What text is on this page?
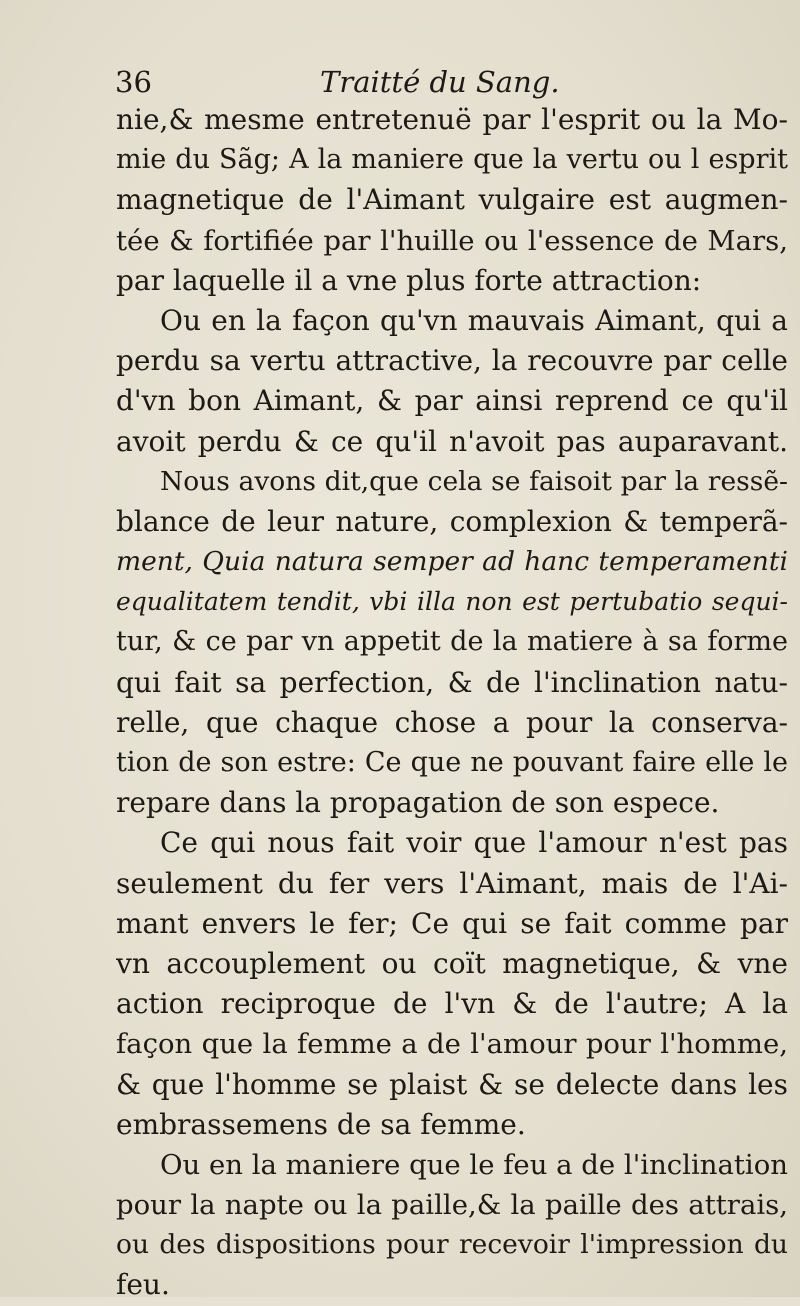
36	Traitté du Sang.
nie,& mesme entretenuë par l'esprit ou la Mo-
mie du Sãg; A la maniere que la vertu ou l esprit
magnetique de l'Aimant vulgaire est augmen-
tée & fortifiée par l'huille ou l'essence de Mars,
par laquelle il a vne plus forte attraction:
Ou en la façon qu'vn mauvais Aimant, qui a
perdu sa vertu attractive, la recouvre par celle
d'vn bon Aimant, & par ainsi reprend ce qu'il
avoit perdu & ce qu'il n'avoit pas auparavant.
Nous avons dit,que cela se faisoit par la ressẽ-
blance de leur nature, complexion & temperã-
ment, Quia natura semper ad hanc temperamenti
equalitatem tendit, vbi illa non est pertubatio sequi-
tur, & ce par vn appetit de la matiere à sa forme
qui fait sa perfection, & de l'inclination natu-
relle, que chaque chose a pour la conserva-
tion de son estre: Ce que ne pouvant faire elle le
repare dans la propagation de son espece.
Ce qui nous fait voir que l'amour n'est pas
seulement du fer vers l'Aimant, mais de l'Ai-
mant envers le fer; Ce qui se fait comme par
vn accouplement ou coït magnetique, & vne
action reciproque de l'vn & de l'autre; A la
façon que la femme a de l'amour pour l'homme,
& que l'homme se plaist & se delecte dans les
embrassemens de sa femme.
Ou en la maniere que le feu a de l'inclination
pour la napte ou la paille,& la paille des attrais,
ou des dispositions pour recevoir l'impression du
feu.
